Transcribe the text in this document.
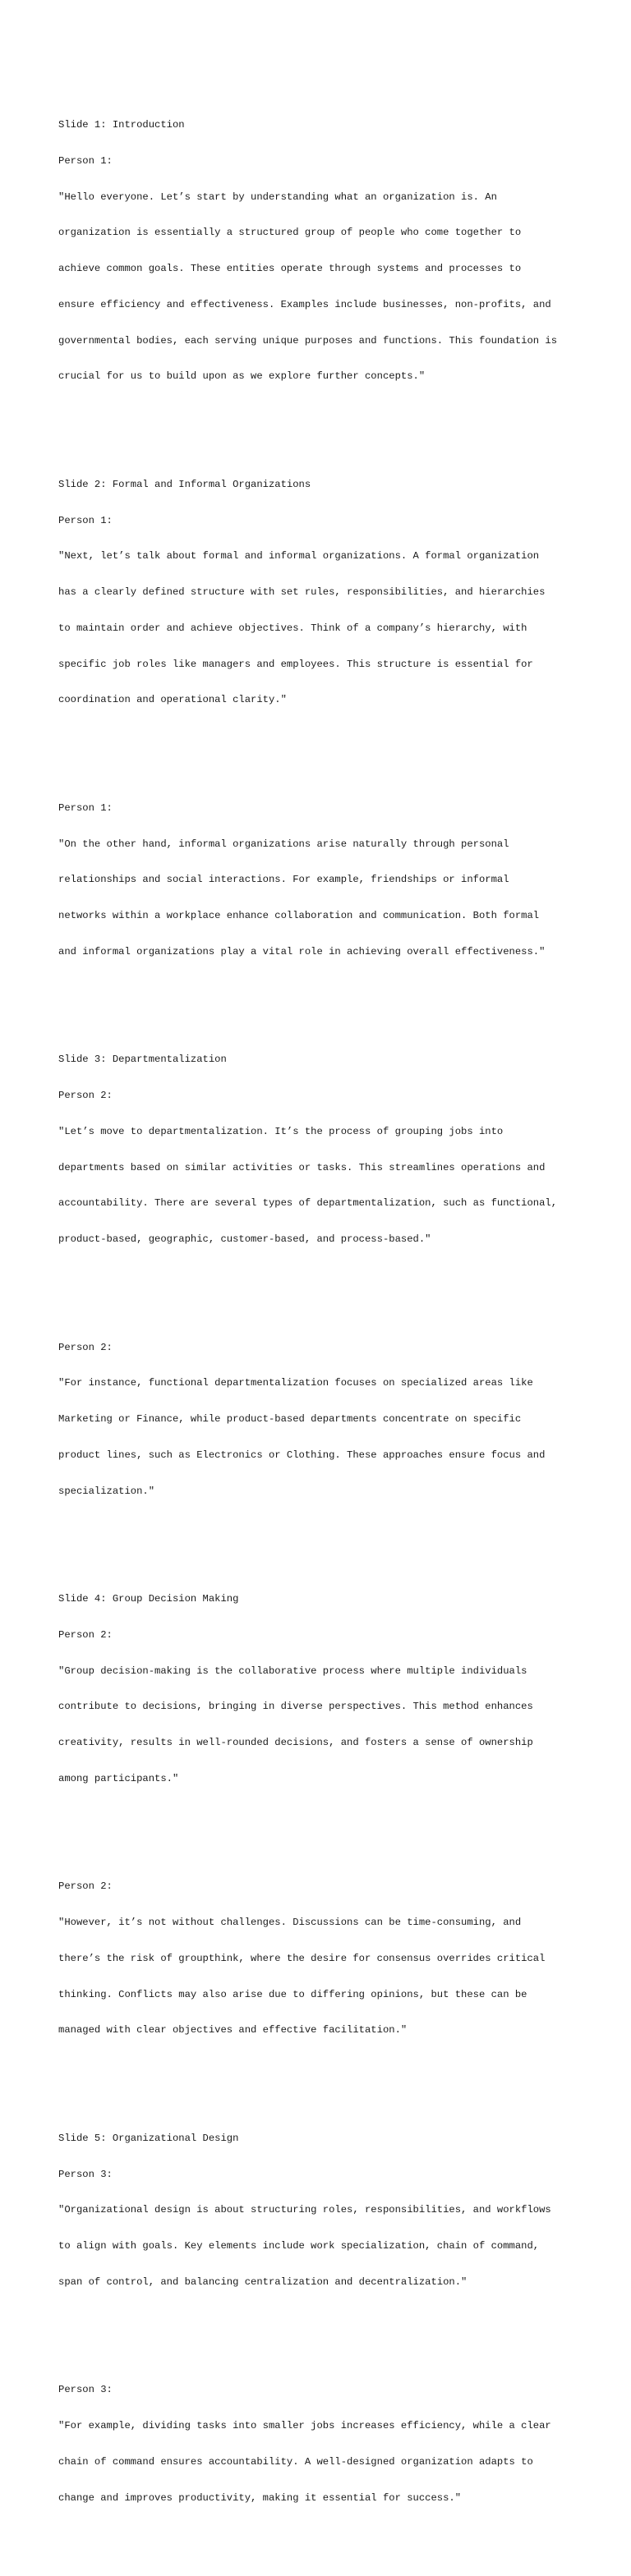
Slide 1: Introduction

Person 1:

"Hello everyone. Let’s start by understanding what an organization is. An

organization is essentially a structured group of people who come together to

achieve common goals. These entities operate through systems and processes to

ensure efficiency and effectiveness. Examples include businesses, non-profits, and

governmental bodies, each serving unique purposes and functions. This foundation is

crucial for us to build upon as we explore further concepts."

Slide 2: Formal and Informal Organizations

Person 1:

"Next, let’s talk about formal and informal organizations. A formal organization

has a clearly defined structure with set rules, responsibilities, and hierarchies

to maintain order and achieve objectives. Think of a company’s hierarchy, with

specific job roles like managers and employees. This structure is essential for

coordination and operational clarity."

Person 1:

"On the other hand, informal organizations arise naturally through personal

relationships and social interactions. For example, friendships or informal

networks within a workplace enhance collaboration and communication. Both formal

and informal organizations play a vital role in achieving overall effectiveness."

Slide 3: Departmentalization

Person 2:

"Let’s move to departmentalization. It’s the process of grouping jobs into

departments based on similar activities or tasks. This streamlines operations and

accountability. There are several types of departmentalization, such as functional,

product-based, geographic, customer-based, and process-based."

Person 2:

"For instance, functional departmentalization focuses on specialized areas like

Marketing or Finance, while product-based departments concentrate on specific

product lines, such as Electronics or Clothing. These approaches ensure focus and

specialization."

Slide 4: Group Decision Making

Person 2:

"Group decision-making is the collaborative process where multiple individuals

contribute to decisions, bringing in diverse perspectives. This method enhances

creativity, results in well-rounded decisions, and fosters a sense of ownership

among participants."

Person 2:

"However, it’s not without challenges. Discussions can be time-consuming, and

there’s the risk of groupthink, where the desire for consensus overrides critical

thinking. Conflicts may also arise due to differing opinions, but these can be

managed with clear objectives and effective facilitation."

Slide 5: Organizational Design

Person 3:

"Organizational design is about structuring roles, responsibilities, and workflows

to align with goals. Key elements include work specialization, chain of command,

span of control, and balancing centralization and decentralization."

Person 3:

"For example, dividing tasks into smaller jobs increases efficiency, while a clear

chain of command ensures accountability. A well-designed organization adapts to

change and improves productivity, making it essential for success."
